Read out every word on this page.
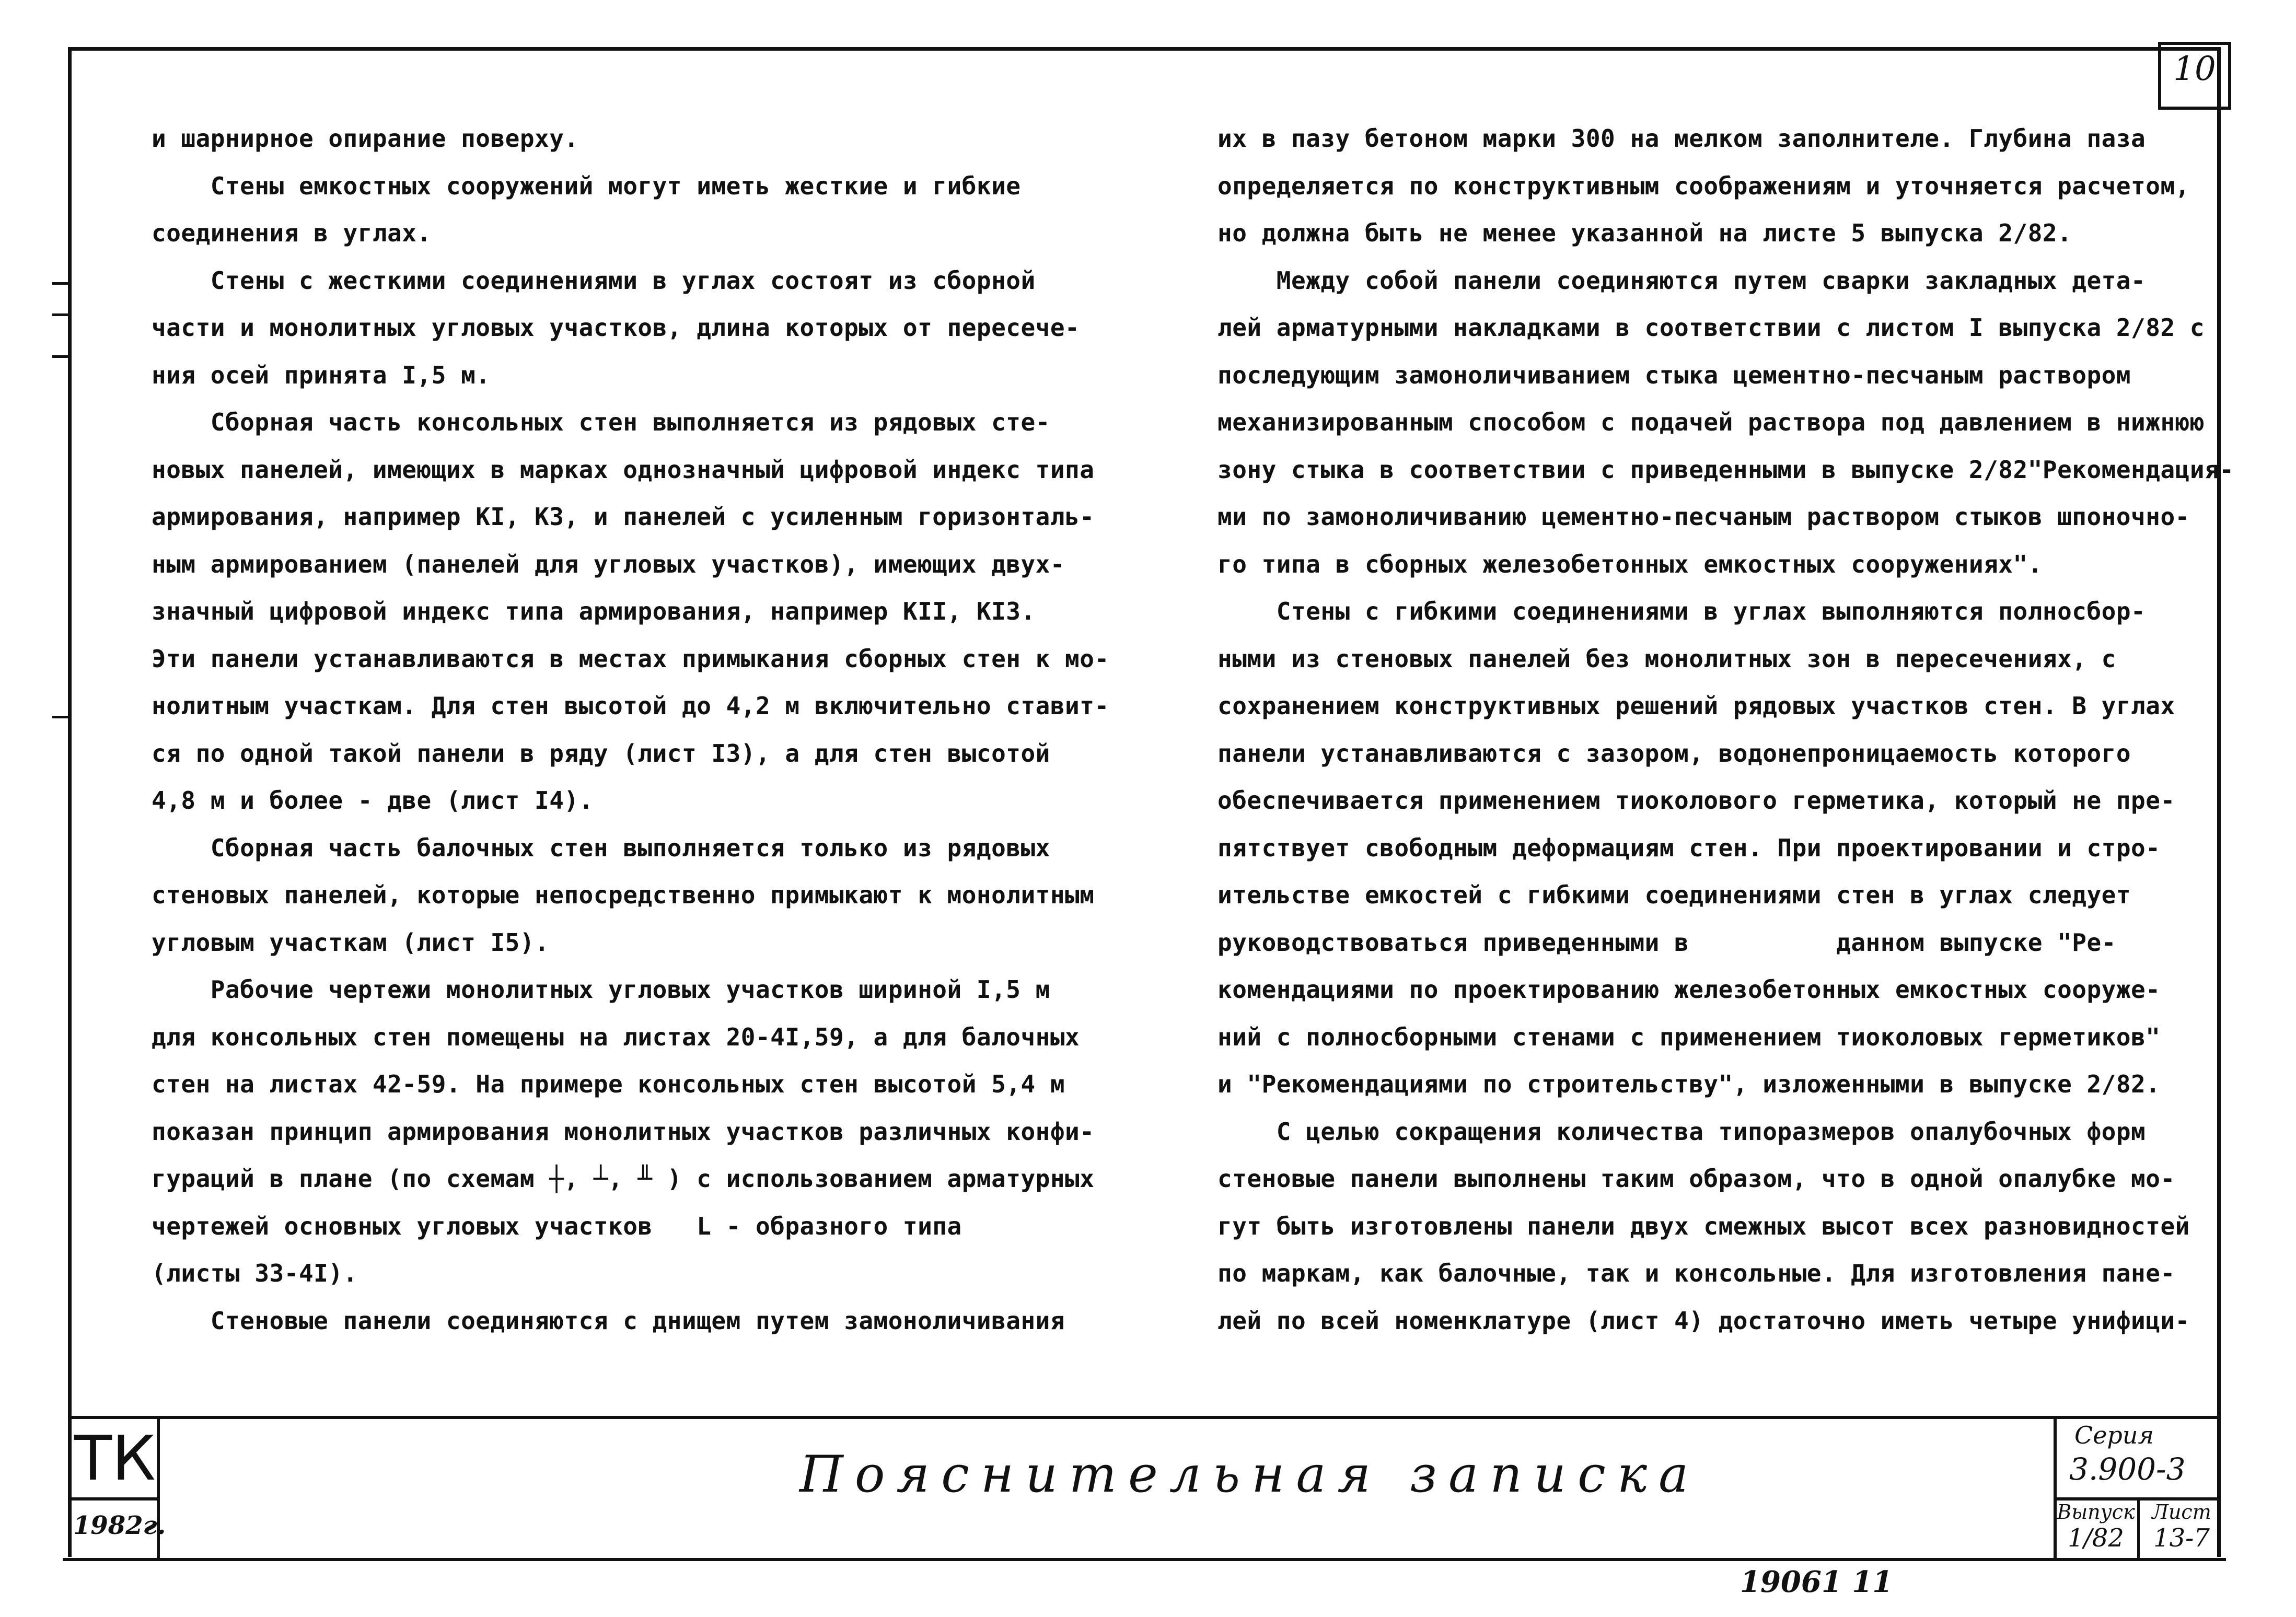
10
и шарнирное опирание поверху.
Стены емкостных сооружений могут иметь жесткие и гибкие
соединения в углах.
Стены с жесткими соединениями в углах состоят из сборной
части и монолитных угловых участков, длина которых от пересече-
ния осей принята I,5 м.
Сборная часть консольных стен выполняется из рядовых сте-
новых панелей, имеющих в марках однозначный цифровой индекс типа
армирования, например КI, К3, и панелей с усиленным горизонталь-
ным армированием (панелей для угловых участков), имеющих двух-
значный цифровой индекс типа армирования, например КII, КI3.
Эти панели устанавливаются в местах примыкания сборных стен к мо-
нолитным участкам. Для стен высотой до 4,2 м включительно ставит-
ся по одной такой панели в ряду (лист I3), а для стен высотой
4,8 м и более - две (лист I4).
Сборная часть балочных стен выполняется только из рядовых
стеновых панелей, которые непосредственно примыкают к монолитным
угловым участкам (лист I5).
Рабочие чертежи монолитных угловых участков шириной I,5 м
для консольных стен помещены на листах 20-4I,59, а для балочных
стен на листах 42-59. На примере консольных стен высотой 5,4 м
показан принцип армирования монолитных участков различных конфи-
гураций в плане (по схемам ┼, ┴, ╨ ) с использованием арматурных
чертежей основных угловых участков   L - образного типа
(листы 33-4I).
Стеновые панели соединяются с днищем путем замоноличивания
их в пазу бетоном марки 300 на мелком заполнителе. Глубина паза
определяется по конструктивным соображениям и уточняется расчетом,
но должна быть не менее указанной на листе 5 выпуска 2/82.
Между собой панели соединяются путем сварки закладных дета-
лей арматурными накладками в соответствии с листом I выпуска 2/82 с
последующим замоноличиванием стыка цементно-песчаным раствором
механизированным способом с подачей раствора под давлением в нижнюю
зону стыка в соответствии с приведенными в выпуске 2/82"Рекомендация-
ми по замоноличиванию цементно-песчаным раствором стыков шпоночно-
го типа в сборных железобетонных емкостных сооружениях".
Стены с гибкими соединениями в углах выполняются полносбор-
ными из стеновых панелей без монолитных зон в пересечениях, с
сохранением конструктивных решений рядовых участков стен. В углах
панели устанавливаются с зазором, водонепроницаемость которого
обеспечивается применением тиоколового герметика, который не пре-
пятствует свободным деформациям стен. При проектировании и стро-
ительстве емкостей с гибкими соединениями стен в углах следует
руководствоваться приведенными в          данном выпуске "Ре-
комендациями по проектированию железобетонных емкостных сооруже-
ний с полносборными стенами с применением тиоколовых герметиков"
и "Рекомендациями по строительству", изложенными в выпуске 2/82.
С целью сокращения количества типоразмеров опалубочных форм
стеновые панели выполнены таким образом, что в одной опалубке мо-
гут быть изготовлены панели двух смежных высот всех разновидностей
по маркам, как балочные, так и консольные. Для изготовления пане-
лей по всей номенклатуре (лист 4) достаточно иметь четыре унифици-
ТК
1982г.
Пояснительная записка
Серия
3.900-3
Выпуск Лист
1/82	13-7
19061 11
